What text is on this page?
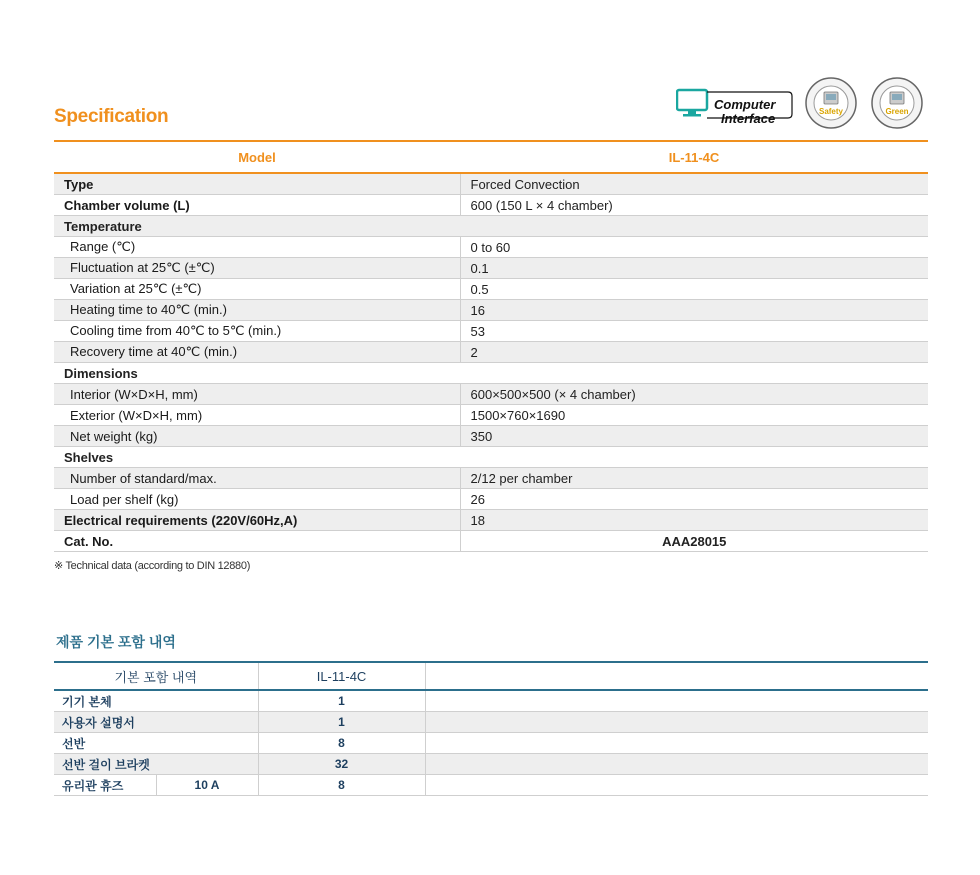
Specification
Computer
Interface	Safety	Green
Model	IL-11-4C
Type	Forced Convection
Chamber volume (L)	600 (150 L × 4 chamber)
Temperature	
Range (℃)	0 to 60
Fluctuation at 25℃ (±℃)	0.1
Variation at 25℃ (±℃)	0.5
Heating time to 40℃ (min.)	16
Cooling time from 40℃ to 5℃ (min.)	53
Recovery time at 40℃ (min.)	2
Dimensions	
Interior (W×D×H, mm)	600×500×500 (× 4 chamber)
Exterior (W×D×H, mm)	1500×760×1690
Net weight (kg)	350
Shelves	
Number of standard/max.	2/12 per chamber
Load per shelf (kg)	26
Electrical requirements (220V/60Hz,A)	18
Cat. No.	AAA28015
※ Technical data (according to DIN 12880)
제품 기본 포함 내역
기본 포함 내역		IL-11-4C	
기기 본체		1	
사용자 설명서		1	
선반		8	
선반 걸이 브라켓		32	
유리관 휴즈	10 A	8	
